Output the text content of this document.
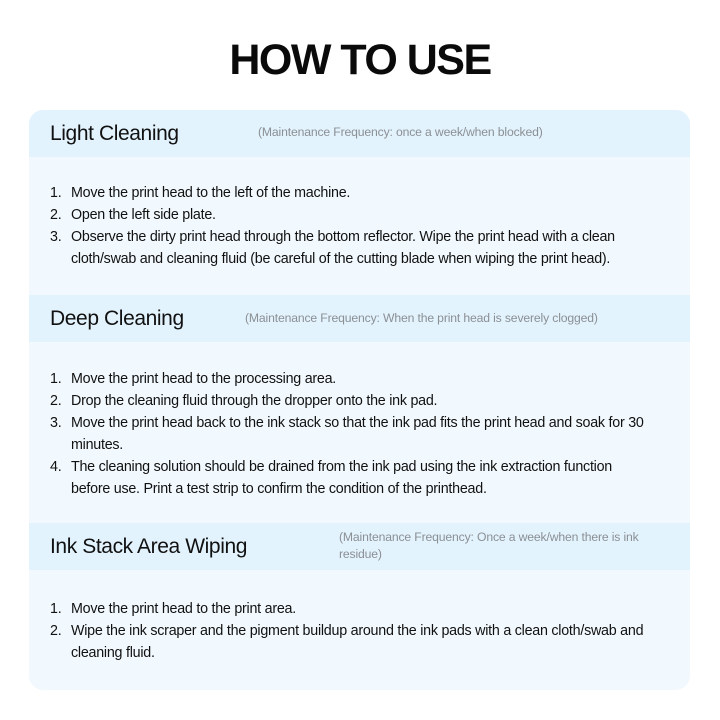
HOW TO USE
Light Cleaning	(Maintenance Frequency: once a week/when blocked)
1. Move the print head to the left of the machine.
2. Open the left side plate.
3. Observe the dirty print head through the bottom reflector. Wipe the print head with a clean cloth/swab and cleaning fluid (be careful of the cutting blade when wiping the print head).
Deep Cleaning	(Maintenance Frequency: When the print head is severely clogged)
1. Move the print head to the processing area.
2. Drop the cleaning fluid through the dropper onto the ink pad.
3. Move the print head back to the ink stack so that the ink pad fits the print head and soak for 30 minutes.
4. The cleaning solution should be drained from the ink pad using the ink extraction function before use. Print a test strip to confirm the condition of the printhead.
Ink Stack Area Wiping	(Maintenance Frequency: Once a week/when there is ink residue)
1. Move the print head to the print area.
2. Wipe the ink scraper and the pigment buildup around the ink pads with a clean cloth/swab and cleaning fluid.
